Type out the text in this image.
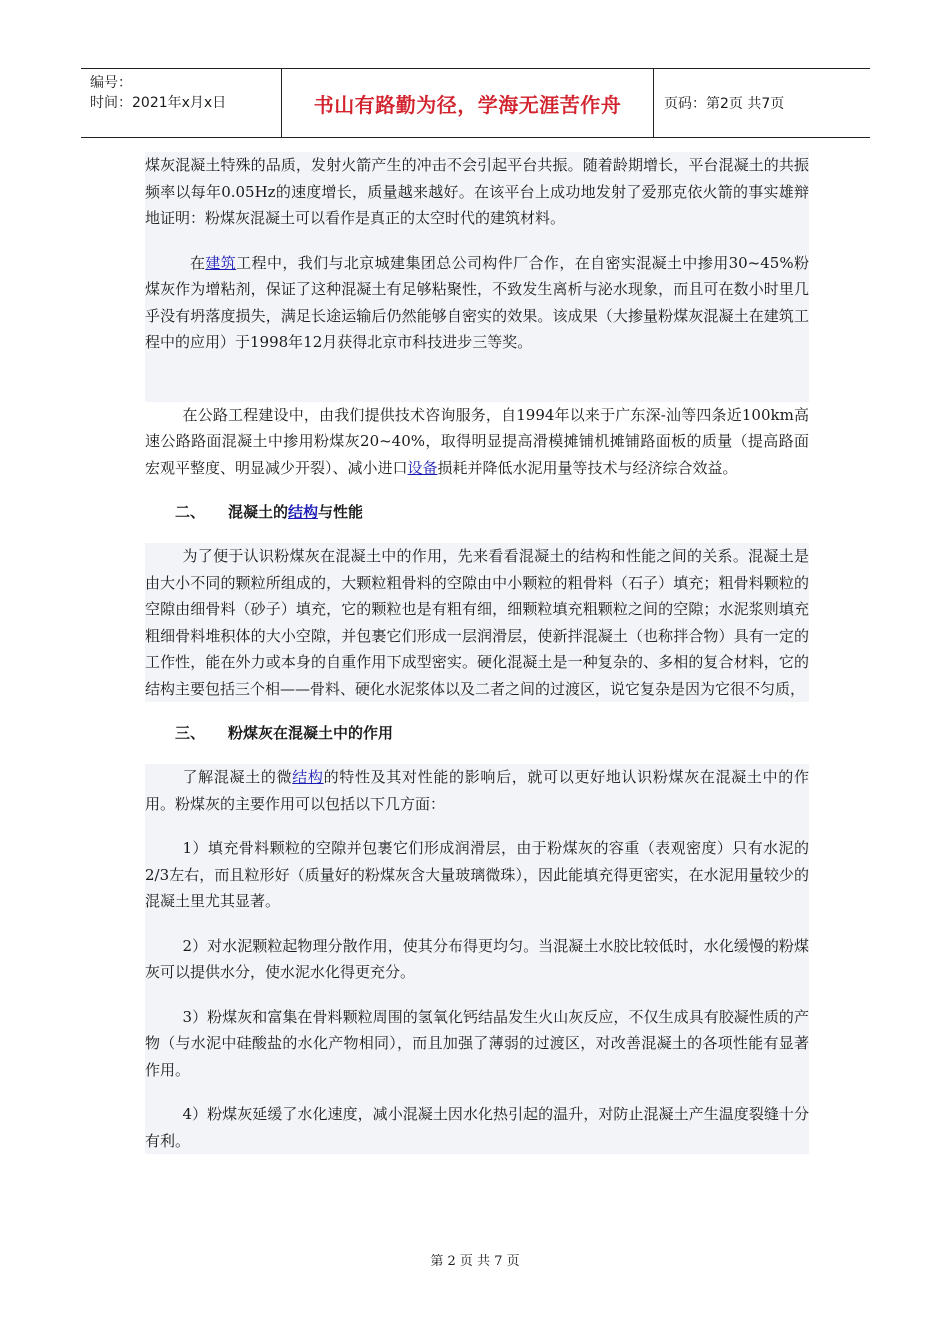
编号：
时间：2021年x月x日	书山有路勤为径，学海无涯苦作舟	页码：第2页 共7页

煤灰混凝土特殊的品质，发射火箭产生的冲击不会引起平台共振。随着龄期增长，平台混凝土的共振频率以每年0.05Hz的速度增长，质量越来越好。在该平台上成功地发射了爱那克依火箭的事实雄辩地证明：粉煤灰混凝土可以看作是真正的太空时代的建筑材料。

在建筑工程中，我们与北京城建集团总公司构件厂合作，在自密实混凝土中掺用30~45%粉煤灰作为增粘剂，保证了这种混凝土有足够粘聚性，不致发生离析与泌水现象，而且可在数小时里几乎没有坍落度损失，满足长途运输后仍然能够自密实的效果。该成果（大掺量粉煤灰混凝土在建筑工程中的应用）于1998年12月获得北京市科技进步三等奖。

在公路工程建设中，由我们提供技术咨询服务，自1994年以来于广东深-汕等四条近100km高速公路路面混凝土中掺用粉煤灰20~40%，取得明显提高滑模摊铺机摊铺路面板的质量（提高路面宏观平整度、明显减少开裂）、减小进口设备损耗并降低水泥用量等技术与经济综合效益。

二、 混凝土的结构与性能

为了便于认识粉煤灰在混凝土中的作用，先来看看混凝土的结构和性能之间的关系。混凝土是由大小不同的颗粒所组成的，大颗粒粗骨料的空隙由中小颗粒的粗骨料（石子）填充；粗骨料颗粒的空隙由细骨料（砂子）填充，它的颗粒也是有粗有细，细颗粒填充粗颗粒之间的空隙；水泥浆则填充粗细骨料堆积体的大小空隙，并包裹它们形成一层润滑层，使新拌混凝土（也称拌合物）具有一定的工作性，能在外力或本身的自重作用下成型密实。硬化混凝土是一种复杂的、多相的复合材料，它的结构主要包括三个相——骨料、硬化水泥浆体以及二者之间的过渡区，说它复杂是因为它很不匀质，

三、 粉煤灰在混凝土中的作用

了解混凝土的微结构的特性及其对性能的影响后，就可以更好地认识粉煤灰在混凝土中的作用。粉煤灰的主要作用可以包括以下几方面：

1）填充骨料颗粒的空隙并包裹它们形成润滑层，由于粉煤灰的容重（表观密度）只有水泥的2/3左右，而且粒形好（质量好的粉煤灰含大量玻璃微珠），因此能填充得更密实，在水泥用量较少的混凝土里尤其显著。

2）对水泥颗粒起物理分散作用，使其分布得更均匀。当混凝土水胶比较低时，水化缓慢的粉煤灰可以提供水分，使水泥水化得更充分。

3）粉煤灰和富集在骨料颗粒周围的氢氧化钙结晶发生火山灰反应，不仅生成具有胶凝性质的产物（与水泥中硅酸盐的水化产物相同），而且加强了薄弱的过渡区，对改善混凝土的各项性能有显著作用。

4）粉煤灰延缓了水化速度，减小混凝土因水化热引起的温升，对防止混凝土产生温度裂缝十分有利。

第 2 页 共 7 页
